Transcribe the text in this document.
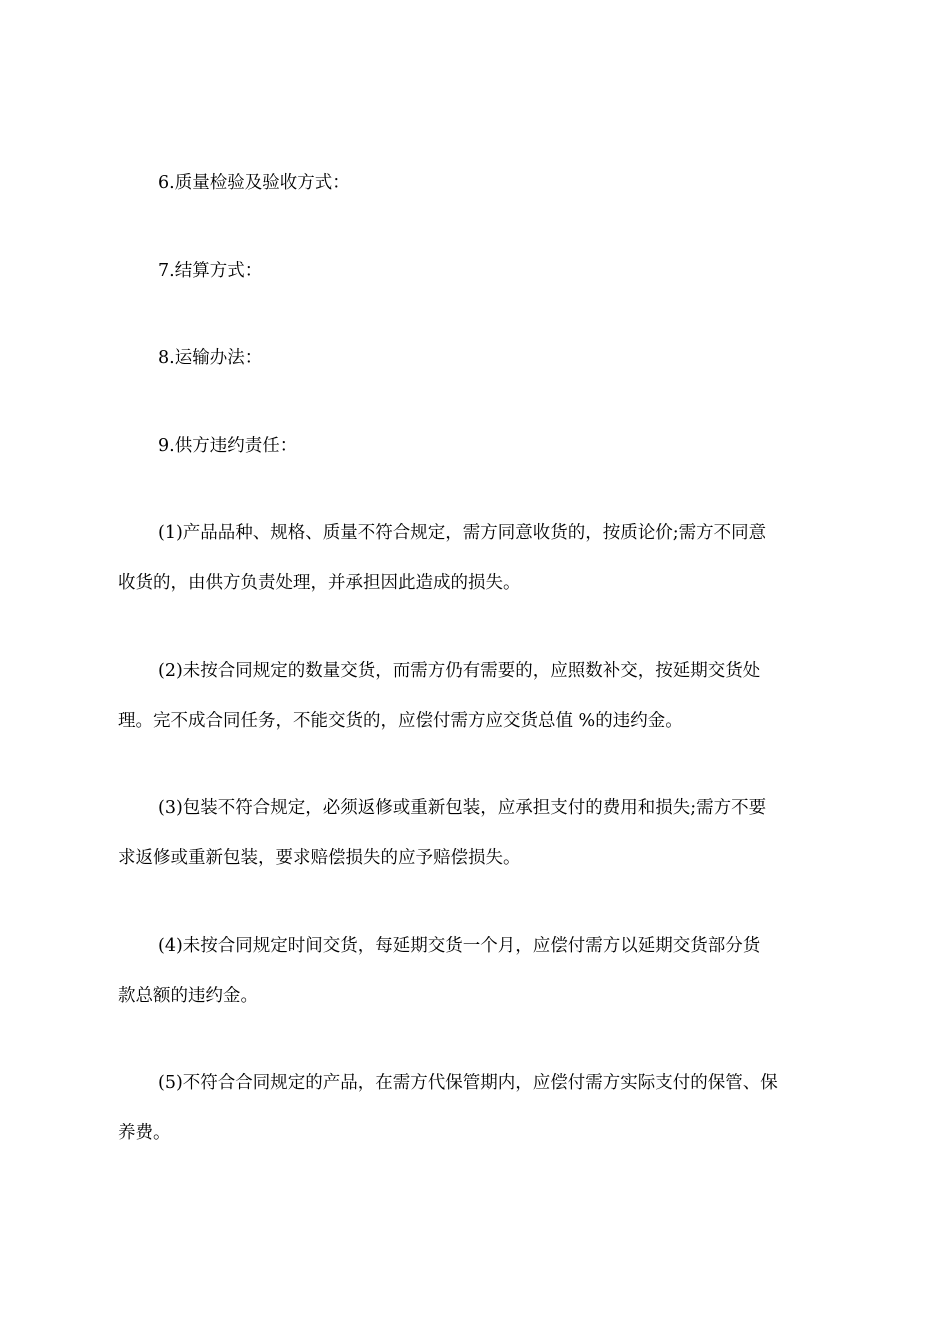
6.质量检验及验收方式：
7.结算方式：
8.运输办法：
9.供方违约责任：
(1)产品品种、规格、质量不符合规定，需方同意收货的，按质论价;需方不同意
收货的，由供方负责处理，并承担因此造成的损失。
(2)未按合同规定的数量交货，而需方仍有需要的，应照数补交，按延期交货处
理。完不成合同任务，不能交货的，应偿付需方应交货总值 %的违约金。
(3)包装不符合规定，必须返修或重新包装，应承担支付的费用和损失;需方不要
求返修或重新包装，要求赔偿损失的应予赔偿损失。
(4)未按合同规定时间交货，每延期交货一个月，应偿付需方以延期交货部分货
款总额的违约金。
(5)不符合合同规定的产品，在需方代保管期内，应偿付需方实际支付的保管、保
养费。
